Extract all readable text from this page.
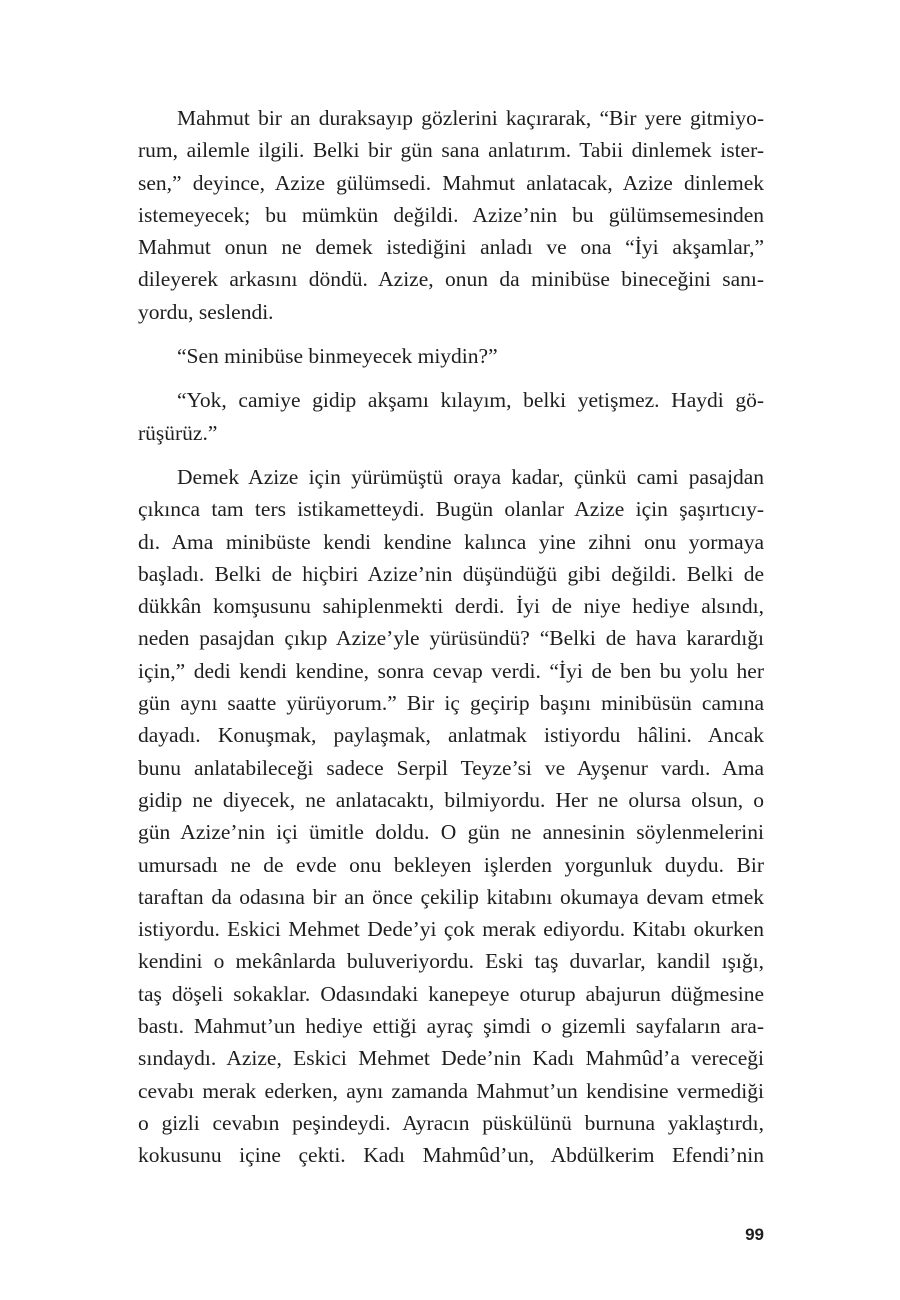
Mahmut bir an duraksayıp gözlerini kaçırarak, “Bir yere gitmiyo-
rum, ailemle ilgili. Belki bir gün sana anlatırım. Tabii dinlemek ister-
sen,” deyince, Azize gülümsedi. Mahmut anlatacak, Azize dinlemek
istemeyecek; bu mümkün değildi. Azize’nin bu gülümsemesinden
Mahmut onun ne demek istediğini anladı ve ona “İyi akşamlar,”
dileyerek arkasını döndü. Azize, onun da minibüse bineceğini sanı-
yordu, seslendi.

“Sen minibüse binmeyecek miydin?”

“Yok, camiye gidip akşamı kılayım, belki yetişmez. Haydi gö-
rüşürüz.”

Demek Azize için yürümüştü oraya kadar, çünkü cami pasajdan
çıkınca tam ters istikametteydi. Bugün olanlar Azize için şaşırtıcıy-
dı. Ama minibüste kendi kendine kalınca yine zihni onu yormaya
başladı. Belki de hiçbiri Azize’nin düşündüğü gibi değildi. Belki de
dükkân komşusunu sahiplenmekti derdi. İyi de niye hediye alsındı,
neden pasajdan çıkıp Azize’yle yürüsündü? “Belki de hava karardığı
için,” dedi kendi kendine, sonra cevap verdi. “İyi de ben bu yolu her
gün aynı saatte yürüyorum.” Bir iç geçirip başını minibüsün camına
dayadı. Konuşmak, paylaşmak, anlatmak istiyordu hâlini. Ancak
bunu anlatabileceği sadece Serpil Teyze’si ve Ayşenur vardı. Ama
gidip ne diyecek, ne anlatacaktı, bilmiyordu. Her ne olursa olsun, o
gün Azize’nin içi ümitle doldu. O gün ne annesinin söylenmelerini
umursadı ne de evde onu bekleyen işlerden yorgunluk duydu. Bir
taraftan da odasına bir an önce çekilip kitabını okumaya devam etmek
istiyordu. Eskici Mehmet Dede’yi çok merak ediyordu. Kitabı okurken
kendini o mekânlarda buluveriyordu. Eski taş duvarlar, kandil ışığı,
taş döşeli sokaklar. Odasındaki kanepeye oturup abajurun düğmesine
bastı. Mahmut’un hediye ettiği ayraç şimdi o gizemli sayfaların ara-
sındaydı. Azize, Eskici Mehmet Dede’nin Kadı Mahmûd’a vereceği
cevabı merak ederken, aynı zamanda Mahmut’un kendisine vermediği
o gizli cevabın peşindeydi. Ayracın püskülünü burnuna yaklaştırdı,
kokusunu içine çekti. Kadı Mahmûd’un, Abdülkerim Efendi’nin

99
